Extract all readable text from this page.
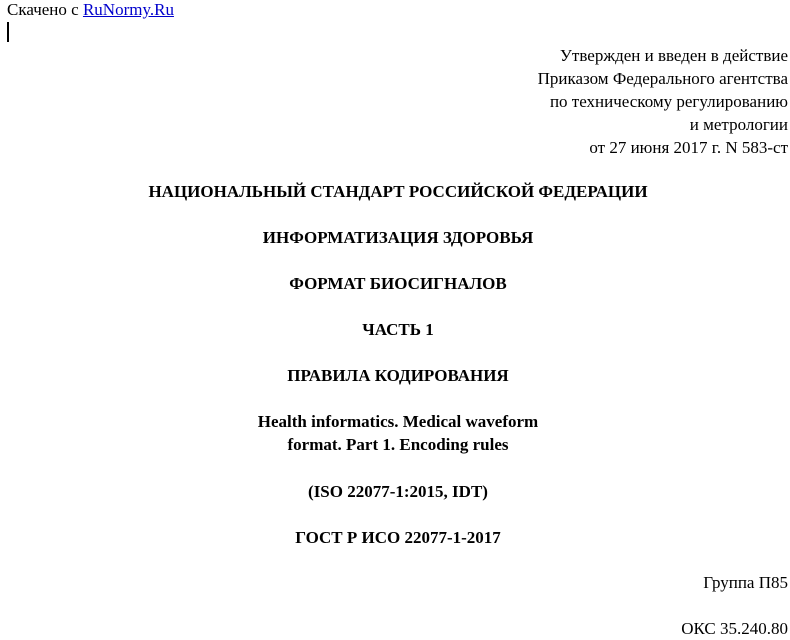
Скачено с RuNormy.Ru
Утвержден и введен в действие
Приказом Федерального агентства
по техническому регулированию
и метрологии
от 27 июня 2017 г. N 583-ст
НАЦИОНАЛЬНЫЙ СТАНДАРТ РОССИЙСКОЙ ФЕДЕРАЦИИ
ИНФОРМАТИЗАЦИЯ ЗДОРОВЬЯ
ФОРМАТ БИОСИГНАЛОВ
ЧАСТЬ 1
ПРАВИЛА КОДИРОВАНИЯ
Health informatics. Medical waveform
format. Part 1. Encoding rules
(ISO 22077-1:2015, IDT)
ГОСТ Р ИСО 22077-1-2017
Группа П85
ОКС 35.240.80
